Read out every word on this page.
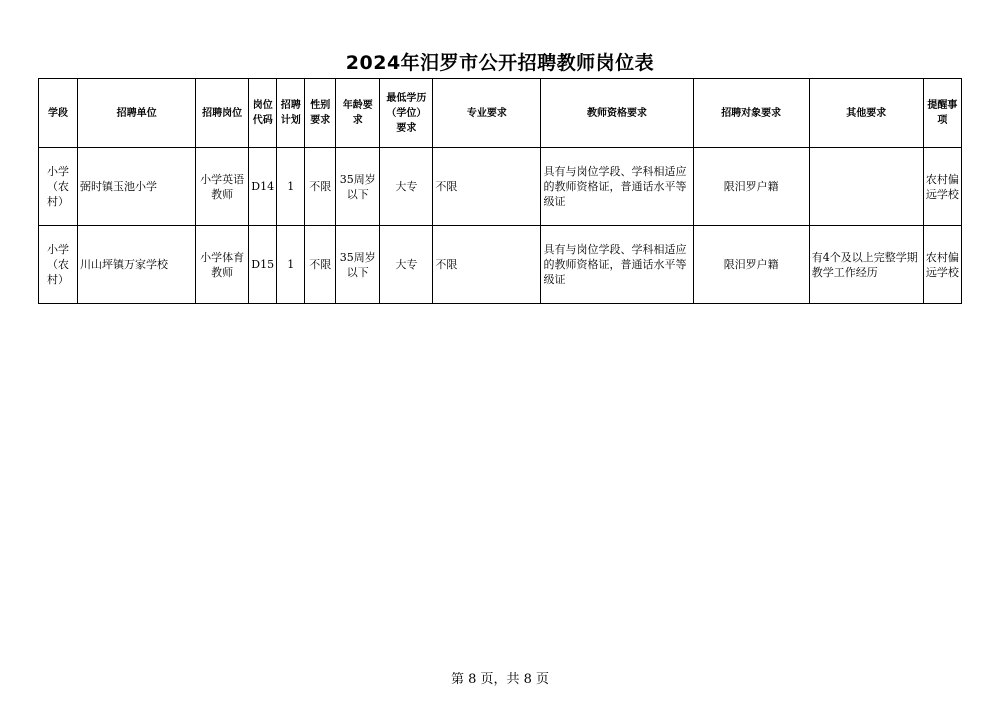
2024年汨罗市公开招聘教师岗位表
学段	招聘单位	招聘岗位	岗位代码	招聘计划	性别要求	年龄要求	最低学历（学位）要求	专业要求	教师资格要求	招聘对象要求	其他要求	提醒事项
小学（农村）	弼时镇玉池小学	小学英语教师	D14	1	不限	35周岁以下	大专	不限	具有与岗位学段、学科相适应的教师资格证，普通话水平等级证	限汨罗户籍		农村偏远学校
小学（农村）	川山坪镇万家学校	小学体育教师	D15	1	不限	35周岁以下	大专	不限	具有与岗位学段、学科相适应的教师资格证，普通话水平等级证	限汨罗户籍	有4个及以上完整学期教学工作经历	农村偏远学校
第 8 页，共 8 页
